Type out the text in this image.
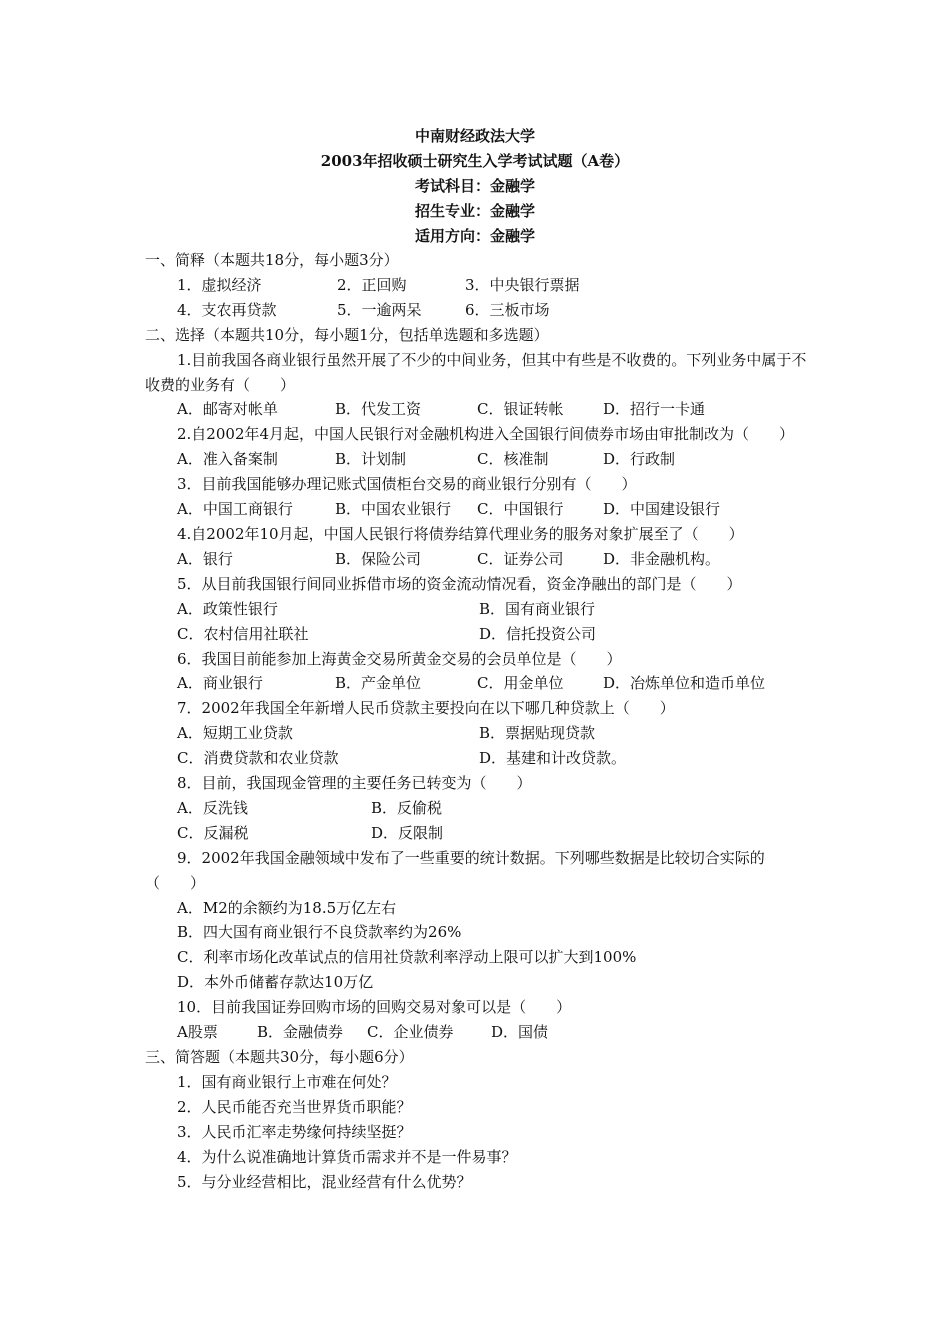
中南财经政法大学

2003年招收硕士研究生入学考试试题（A卷）

考试科目：金融学

招生专业：金融学

适用方向：金融学

一、简释（本题共18分，每小题3分）

1．虚拟经济	2．正回购	3．中央银行票据
4．支农再贷款	5．一逾两呆	6．三板市场

二、选择（本题共10分，每小题1分，包括单选题和多选题）

1.目前我国各商业银行虽然开展了不少的中间业务，但其中有些是不收费的。下列业务中属于不收费的业务有（　　）

A．邮寄对帐单	B．代发工资	C．银证转帐	D．招行一卡通

2.自2002年4月起，中国人民银行对金融机构进入全国银行间债券市场由审批制改为（　　）

A．准入备案制	B．计划制	C．核准制	D．行政制

3．目前我国能够办理记账式国债柜台交易的商业银行分别有（　　）

A．中国工商银行	B．中国农业银行	C．中国银行	D．中国建设银行

4.自2002年10月起，中国人民银行将债券结算代理业务的服务对象扩展至了（　　）

A．银行	B．保险公司	C．证券公司	D．非金融机构。

5．从目前我国银行间同业拆借市场的资金流动情况看，资金净融出的部门是（　　）

A．政策性银行	B．国有商业银行
C．农村信用社联社	D．信托投资公司

6．我国目前能参加上海黄金交易所黄金交易的会员单位是（　　）

A．商业银行	B．产金单位	C．用金单位	D．冶炼单位和造币单位

7．2002年我国全年新增人民币贷款主要投向在以下哪几种贷款上（　　）

A．短期工业贷款	B．票据贴现贷款
C．消费贷款和农业贷款	D．基建和计改贷款。

8．目前，我国现金管理的主要任务已转变为（　　）

A．反洗钱	B．反偷税
C．反漏税	D．反限制

9．2002年我国金融领域中发布了一些重要的统计数据。下列哪些数据是比较切合实际的（　　）

A．M2的余额约为18.5万亿左右

B．四大国有商业银行不良贷款率约为26%

C．利率市场化改革试点的信用社贷款利率浮动上限可以扩大到100%

D．本外币储蓄存款达10万亿

10．目前我国证券回购市场的回购交易对象可以是（　　）

A股票	B．金融债券	C．企业债券	D．国债

三、简答题（本题共30分，每小题6分）

1．国有商业银行上市难在何处？

2．人民币能否充当世界货币职能？

3．人民币汇率走势缘何持续坚挺？

4．为什么说准确地计算货币需求并不是一件易事？

5．与分业经营相比，混业经营有什么优势？
